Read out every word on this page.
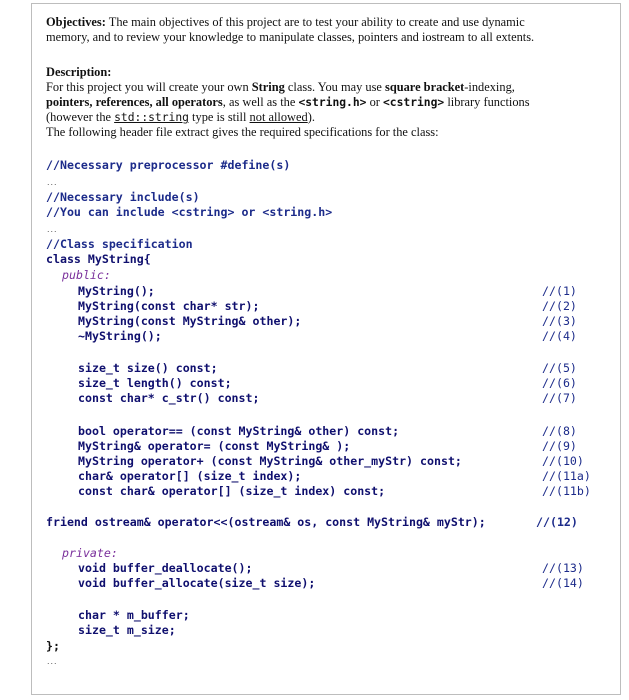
Objectives: The main objectives of this project are to test your ability to create and use dynamic
memory, and to review your knowledge to manipulate classes, pointers and iostream to all extents.
Description:
For this project you will create your own String class. You may use square bracket-indexing,
pointers, references, all operators, as well as the <string.h> or <cstring> library functions
(however the std::string type is still not allowed).
The following header file extract gives the required specifications for the class:
//Necessary preprocessor #define(s)
...
//Necessary include(s)
//You can include <cstring> or <string.h>
...
//Class specification
class MyString{
public:
MyString();
MyString(const char* str);
MyString(const MyString& other);
~MyString();
//(1)
//(2)
//(3)
//(4)
size_t size() const;
size_t length() const;
const char* c_str() const;
//(5)
//(6)
//(7)
bool operator== (const MyString& other) const;
MyString& operator= (const MyString& );
MyString operator+ (const MyString& other_myStr) const;
char& operator[] (size_t index);
const char& operator[] (size_t index) const;
//(8)
//(9)
//(10)
//(11a)
//(11b)
friend ostream& operator<<(ostream& os, const MyString& myStr);	//(12)
private:
void buffer_deallocate();
void buffer_allocate(size_t size);
//(13)
//(14)
char * m_buffer;
size_t m_size;
};
...
